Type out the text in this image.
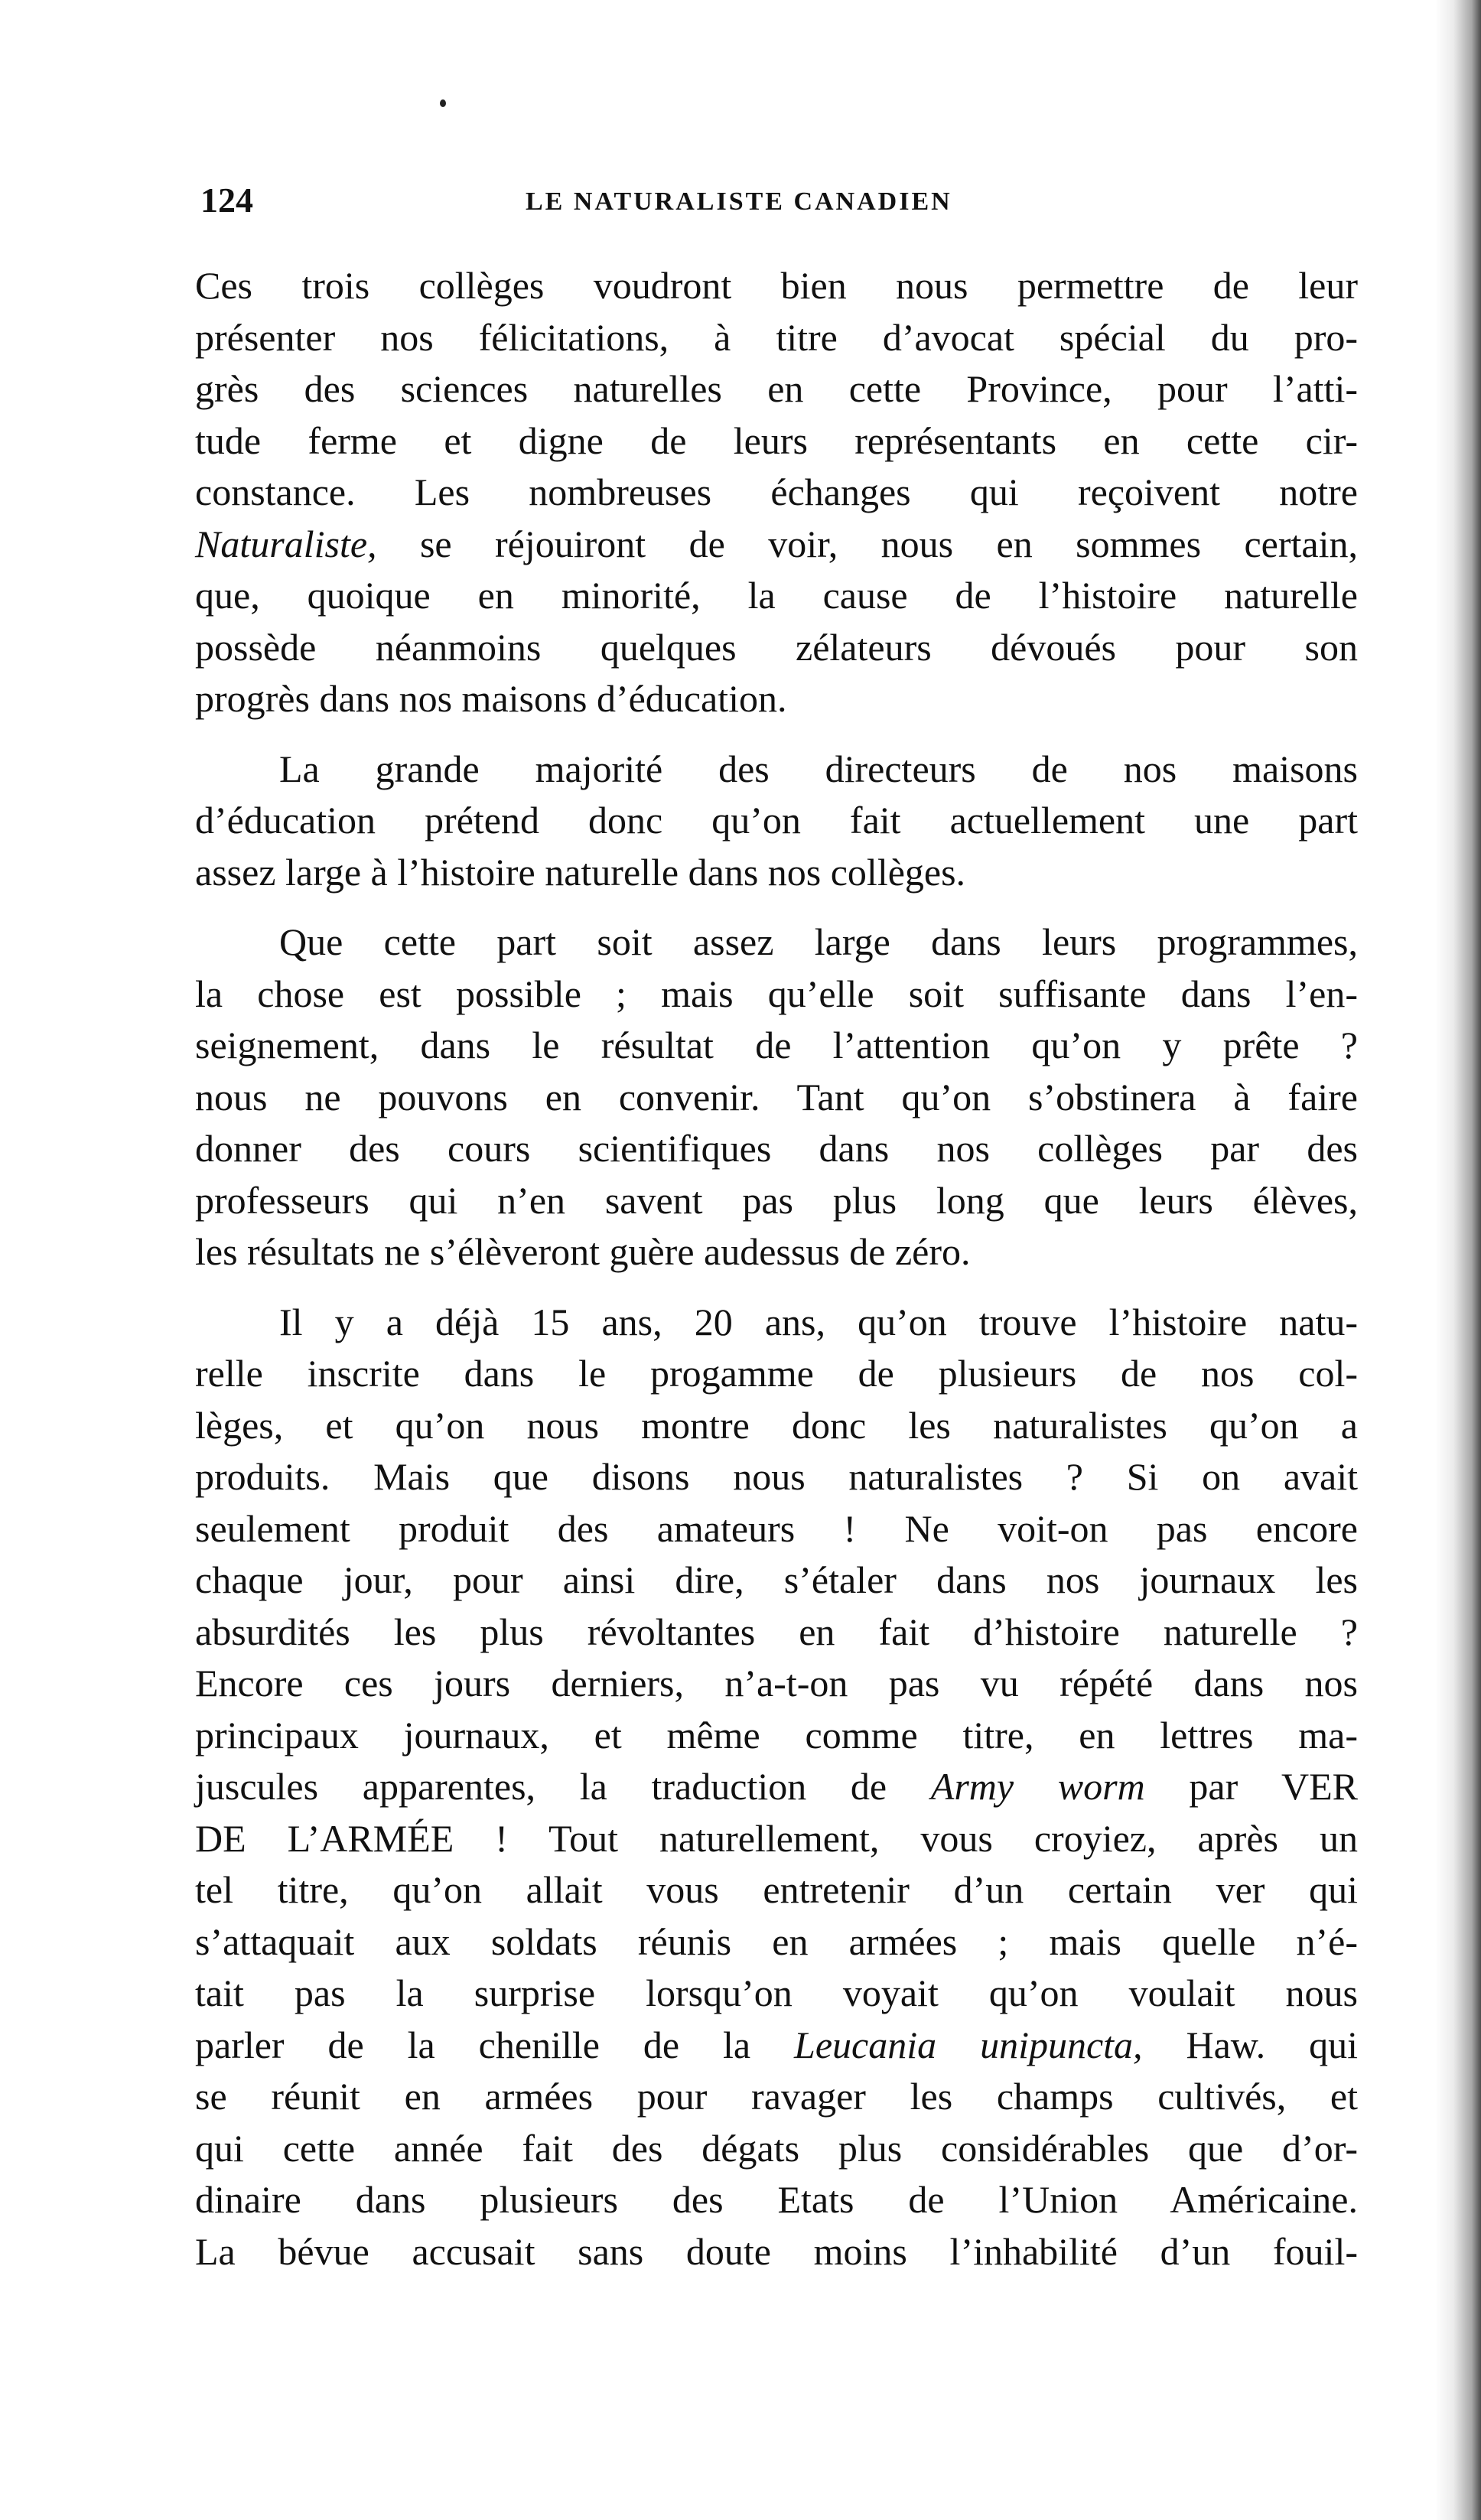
124	LE NATURALISTE CANADIEN
Ces trois collèges voudront bien nous permettre de leur
présenter nos félicitations, à titre d’avocat spécial du pro-
grès des sciences naturelles en cette Province, pour l’atti-
tude ferme et digne de leurs représentants en cette cir-
constance. Les nombreuses échanges qui reçoivent notre
Naturaliste, se réjouiront de voir, nous en sommes certain,
que, quoique en minorité, la cause de l’histoire naturelle
possède néanmoins quelques zélateurs dévoués pour son
progrès dans nos maisons d’éducation.
La grande majorité des directeurs de nos maisons
d’éducation prétend donc qu’on fait actuellement une part
assez large à l’histoire naturelle dans nos collèges.
Que cette part soit assez large dans leurs programmes,
la chose est possible ; mais qu’elle soit suffisante dans l’en-
seignement, dans le résultat de l’attention qu’on y prête ?
nous ne pouvons en convenir. Tant qu’on s’obstinera à faire
donner des cours scientifiques dans nos collèges par des
professeurs qui n’en savent pas plus long que leurs élèves,
les résultats ne s’élèveront guère audessus de zéro.
Il y a déjà 15 ans, 20 ans, qu’on trouve l’histoire natu-
relle inscrite dans le progamme de plusieurs de nos col-
lèges, et qu’on nous montre donc les naturalistes qu’on a
produits. Mais que disons nous naturalistes ? Si on avait
seulement produit des amateurs ! Ne voit-on pas encore
chaque jour, pour ainsi dire, s’étaler dans nos journaux les
absurdités les plus révoltantes en fait d’histoire naturelle ?
Encore ces jours derniers, n’a-t-on pas vu répété dans nos
principaux journaux, et même comme titre, en lettres ma-
juscules apparentes, la traduction de Army worm par VER
DE L’ARMÉE ! Tout naturellement, vous croyiez, après un
tel titre, qu’on allait vous entretenir d’un certain ver qui
s’attaquait aux soldats réunis en armées ; mais quelle n’é-
tait pas la surprise lorsqu’on voyait qu’on voulait nous
parler de la chenille de la Leucania unipuncta, Haw. qui
se réunit en armées pour ravager les champs cultivés, et
qui cette année fait des dégats plus considérables que d’or-
dinaire dans plusieurs des Etats de l’Union Américaine.
La bévue accusait sans doute moins l’inhabilité d’un fouil-
